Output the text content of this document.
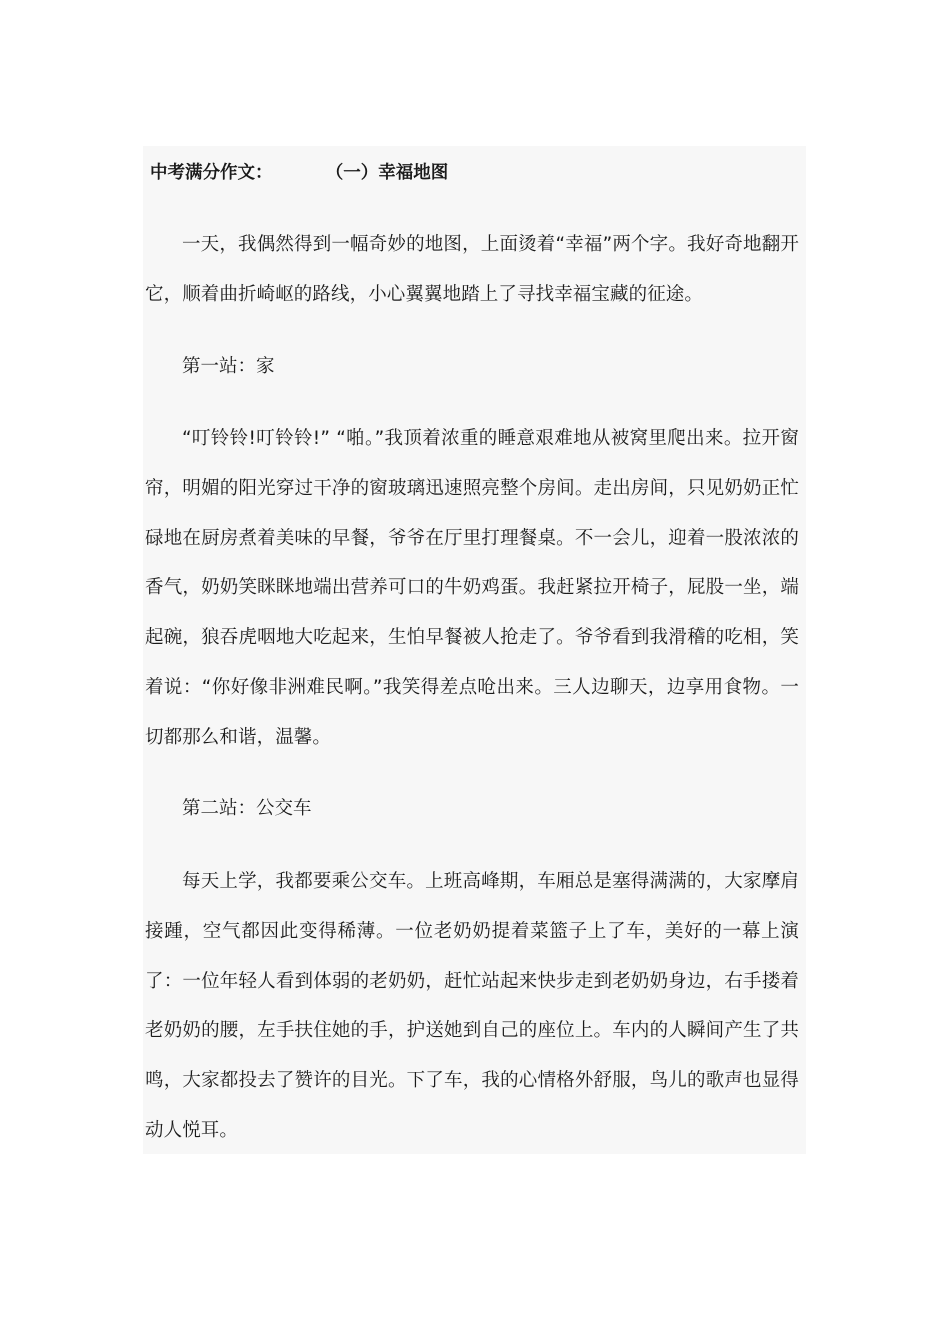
中考满分作文：	（一）幸福地图

一天，我偶然得到一幅奇妙的地图，上面烫着“幸福”两个字。我好奇地翻开它，顺着曲折崎岖的路线，小心翼翼地踏上了寻找幸福宝藏的征途。

第一站：家

“叮铃铃!叮铃铃!” “啪。”我顶着浓重的睡意艰难地从被窝里爬出来。拉开窗帘，明媚的阳光穿过干净的窗玻璃迅速照亮整个房间。走出房间，只见奶奶正忙碌地在厨房煮着美味的早餐，爷爷在厅里打理餐桌。不一会儿，迎着一股浓浓的香气，奶奶笑眯眯地端出营养可口的牛奶鸡蛋。我赶紧拉开椅子，屁股一坐，端起碗，狼吞虎咽地大吃起来，生怕早餐被人抢走了。爷爷看到我滑稽的吃相，笑着说：“你好像非洲难民啊。”我笑得差点呛出来。三人边聊天，边享用食物。一切都那么和谐，温馨。

第二站：公交车

每天上学，我都要乘公交车。上班高峰期，车厢总是塞得满满的，大家摩肩接踵，空气都因此变得稀薄。一位老奶奶提着菜篮子上了车，美好的一幕上演了：一位年轻人看到体弱的老奶奶，赶忙站起来快步走到老奶奶身边，右手搂着老奶奶的腰，左手扶住她的手，护送她到自己的座位上。车内的人瞬间产生了共鸣，大家都投去了赞许的目光。下了车，我的心情格外舒服，鸟儿的歌声也显得动人悦耳。
